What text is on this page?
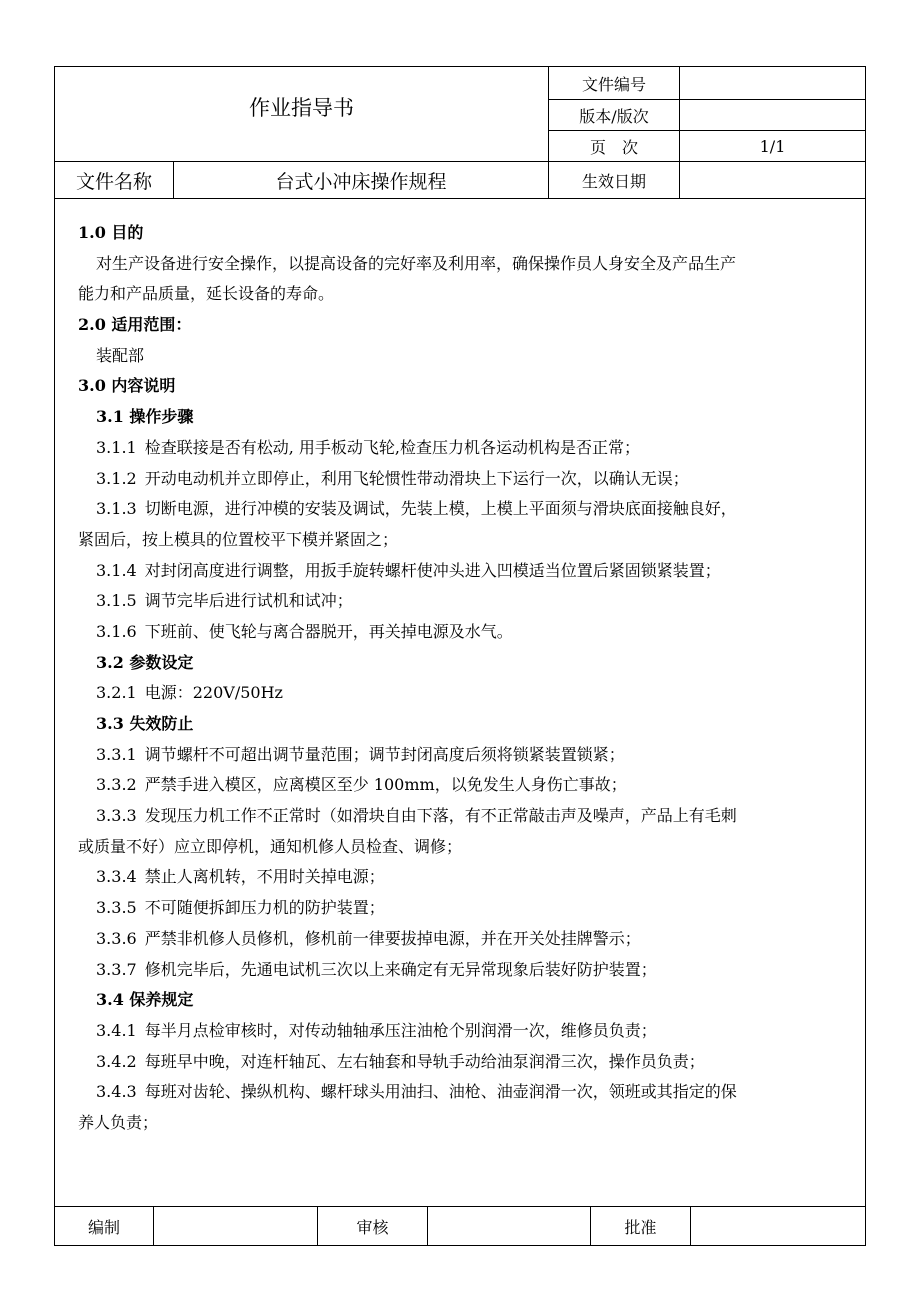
作业指导书
文件编号
版本/版次
页　次	1/1
文件名称	台式小冲床操作规程	生效日期
1.0 目的
对生产设备进行安全操作，以提高设备的完好率及利用率，确保操作员人身安全及产品生产
能力和产品质量，延长设备的寿命。
2.0 适用范围：
装配部
3.0 内容说明
3.1 操作步骤
3.1.1 检查联接是否有松动, 用手板动飞轮,检查压力机各运动机构是否正常；
3.1.2 开动电动机并立即停止，利用飞轮惯性带动滑块上下运行一次，以确认无误；
3.1.3 切断电源，进行冲模的安装及调试，先装上模，上模上平面须与滑块底面接触良好，
紧固后，按上模具的位置校平下模并紧固之；
3.1.4 对封闭高度进行调整，用扳手旋转螺杆使冲头进入凹模适当位置后紧固锁紧装置；
3.1.5 调节完毕后进行试机和试冲；
3.1.6 下班前、使飞轮与离合器脱开，再关掉电源及水气。
3.2 参数设定
3.2.1 电源：220V/50Hz
3.3 失效防止
3.3.1 调节螺杆不可超出调节量范围；调节封闭高度后须将锁紧装置锁紧；
3.3.2 严禁手进入模区，应离模区至少 100mm，以免发生人身伤亡事故；
3.3.3 发现压力机工作不正常时（如滑块自由下落，有不正常敲击声及噪声，产品上有毛刺
或质量不好）应立即停机，通知机修人员检查、调修；
3.3.4 禁止人离机转，不用时关掉电源；
3.3.5 不可随便拆卸压力机的防护装置；
3.3.6 严禁非机修人员修机，修机前一律要拔掉电源，并在开关处挂牌警示；
3.3.7 修机完毕后，先通电试机三次以上来确定有无异常现象后装好防护装置；
3.4 保养规定
3.4.1 每半月点检审核时，对传动轴轴承压注油枪个别润滑一次，维修员负责；
3.4.2 每班早中晚，对连杆轴瓦、左右轴套和导轨手动给油泵润滑三次，操作员负责；
3.4.3 每班对齿轮、操纵机构、螺杆球头用油扫、油枪、油壶润滑一次，领班或其指定的保
养人负责；
编制	审核	批准
